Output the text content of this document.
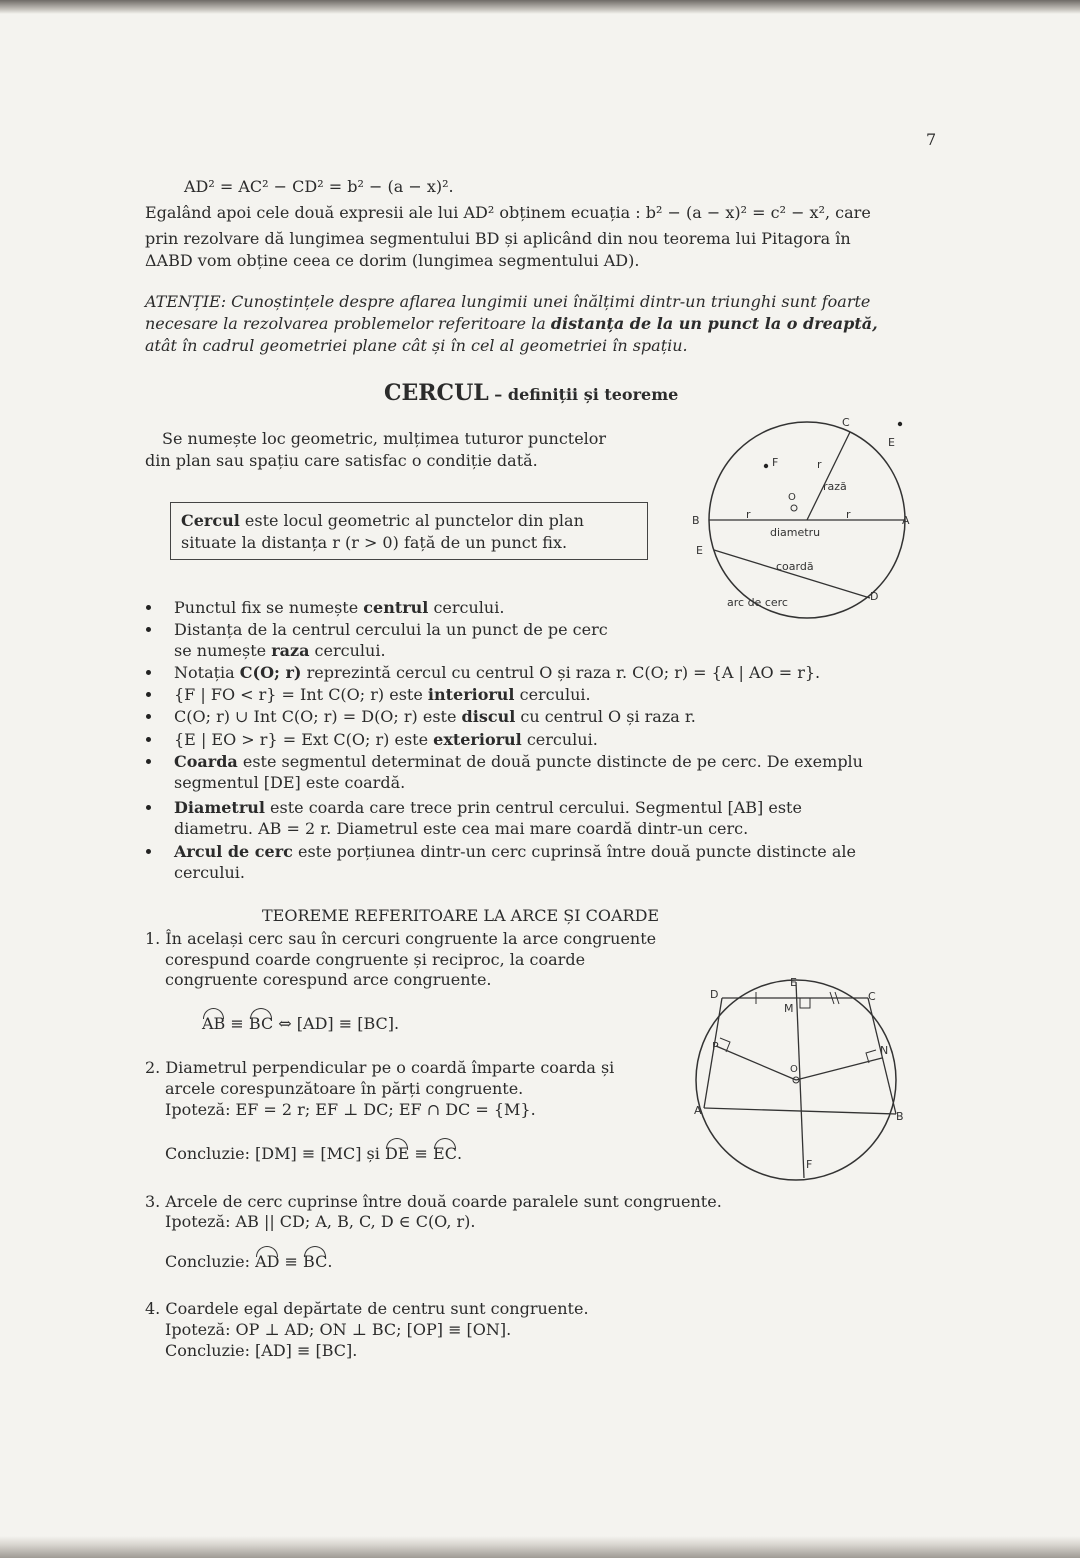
7
AD² = AC² − CD² = b² − (a − x)².
Egalând apoi cele două expresii ale lui AD² obținem ecuația : b² − (a − x)² = c² − x², care
prin rezolvare dă lungimea segmentului BD și aplicând din nou teorema lui Pitagora în
ΔABD vom obține ceea ce dorim (lungimea segmentului AD).
ATENȚIE: Cunoștințele despre aflarea lungimii unei înălțimi dintr-un triunghi sunt foarte
necesare la rezolvarea problemelor referitoare la distanța de la un punct la o dreaptă,
atât în cadrul geometriei plane cât și în cel al geometriei în spațiu.
CERCUL – definiții și teoreme
Se numește loc geometric, mulțimea tuturor punctelor
din plan sau spațiu care satisfac o condiție dată.
Cercul este locul geometric al punctelor din plan
situate la distanța r (r > 0) față de un punct fix.
Punctul fix se numește centrul cercului.
Distanța de la centrul cercului la un punct de pe cerc
se numește raza cercului.
Notația C(O; r) reprezintă cercul cu centrul O și raza r. C(O; r) = {A | AO = r}.
{F | FO < r} = Int C(O; r) este interiorul cercului.
C(O; r) ∪ Int C(O; r) = D(O; r) este discul cu centrul O și raza r.
{E | EO > r} = Ext C(O; r) este exteriorul cercului.
Coarda este segmentul determinat de două puncte distincte de pe cerc. De exemplu
segmentul [DE] este coardă.
Diametrul este coarda care trece prin centrul cercului. Segmentul [AB] este
diametru. AB = 2 r. Diametrul este cea mai mare coardă dintr-un cerc.
Arcul de cerc este porțiunea dintr-un cerc cuprinsă între două puncte distincte ale
cercului.
TEOREME REFERITOARE LA ARCE ȘI COARDE
1. În același cerc sau în cercuri congruente la arce congruente
corespund coarde congruente și reciproc, la coarde
congruente corespund arce congruente.
AB ≡ BC ⇔ [AD] ≡ [BC].
2. Diametrul perpendicular pe o coardă împarte coarda și
arcele corespunzătoare în părți congruente.
Ipoteză: EF = 2 r; EF ⊥ DC; EF ∩ DC = {M}.
Concluzie: [DM] ≡ [MC] și DE ≡ EC.
3. Arcele de cerc cuprinse între două coarde paralele sunt congruente.
Ipoteză: AB || CD; A, B, C, D ∈ C(O, r).
Concluzie: AD ≡ BC.
4. Coardele egal depărtate de centru sunt congruente.
Ipoteză: OP ⊥ AD; ON ⊥ BC; [OP] ≡ [ON].
Concluzie: [AD] ≡ [BC].
C
E
F	r
rază
O
B	A
r	r
diametru
E
coardă
D
arc de cerc
D
E
M
C
P	N
O
A	B
F
